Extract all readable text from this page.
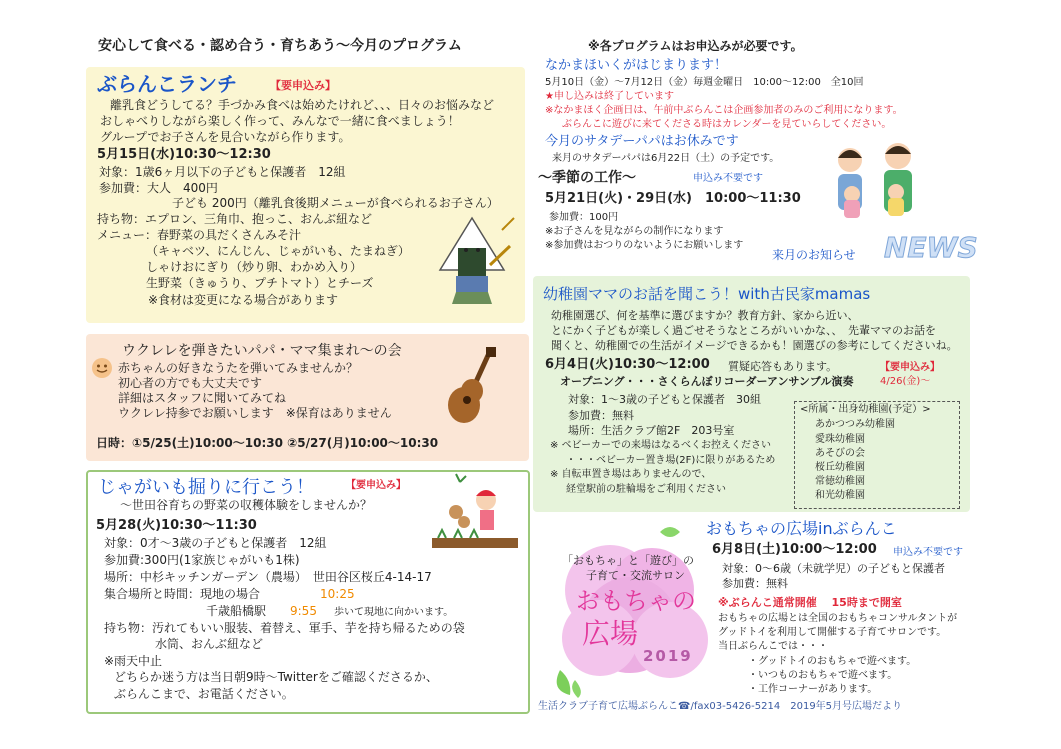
安心して食べる・認め合う・育ちあう～今月のプログラム	※各プログラムはお申込みが必要です。
ぶらんこランチ	【要申込み】
離乳食どうしてる？手づかみ食べは始めたけれど、、、日々のお悩みなど
おしゃべりしながら楽しく作って、みんなで一緒に食べましょう！
グループでお子さんを見合いながら作ります。
5月15日(水)10:30～12:30
対象：1歳6ヶ月以下の子どもと保護者　12組
参加費：大人　400円
子ども 200円（離乳食後期メニューが食べられるお子さん）
持ち物：エプロン、三角巾、抱っこ、おんぶ紐など
メニュー：春野菜の具だくさんみそ汁
（キャベツ、にんじん、じゃがいも、たまねぎ）
しゃけおにぎり（炒り卵、わかめ入り）
生野菜（きゅうり、プチトマト）とチーズ
※食材は変更になる場合があります
ウクレレを弾きたいパパ・ママ集まれ～の会
赤ちゃんの好きなうたを弾いてみませんか？
初心者の方でも大丈夫です
詳細はスタッフに聞いてみてね
ウクレレ持参でお願いします　※保育はありません
日時：①5/25(土)10:00～10:30 ②5/27(月)10:00～10:30
じゃがいも掘りに行こう！	【要申込み】
～世田谷育ちの野菜の収穫体験をしませんか？
5月28(火)10:30～11:30
対象：0才～3歳の子どもと保護者　12組
参加費:300円(1家族じゃがいも1株)
場所：中杉キッチンガーデン（農場）　世田谷区桜丘4-14-17
集合場所と時間：現地の場合	10:25
千歳船橋駅 9:55 歩いて現地に向かいます。
持ち物：汚れてもいい服装、着替え、軍手、芋を持ち帰るための袋
水筒、おんぶ紐など
※雨天中止
どちらか迷う方は当日朝9時～Twitterをご確認くださるか、
ぶらんこまで、お電話ください。
なかまほいくがはじまります！
5月10日（金）～7月12日（金）毎週金曜日　10:00～12:00　全10回
★申し込みは終了しています
※なかまほく企画日は、午前中ぶらんこは企画参加者のみのご利用になります。
ぶらんこに遊びに来てくださる時はカレンダーを見ていらしてください。
今月のサタデーパパはお休みです
来月のサタデーパパは6月22日（土）の予定です。
～季節の工作～	申込み不要です
5月21日(火)・29日(水)　10:00～11:30
参加費：100円
※お子さんを見ながらの制作になります
※参加費はおつりのないようにお願いします
来月のお知らせ NEWS
幼稚園ママのお話を聞こう！with古民家mamas
幼稚園選び、何を基準に選びますか？教育方針、家から近い、
とにかく子どもが楽しく過ごせそうなところがいいかな、、　先輩ママのお話を
聞くと、幼稚園での生活がイメージできるかも！園選びの参考にしてくださいね。
6月4日(火)10:30～12:00 質疑応答もあります。	【要申込み】
4/26(金)～
オープニング・・・さくらんぼリコーダーアンサンブル演奏
対象：1～3歳の子どもと保護者　30組
参加費：無料
場所：生活クラブ館2F　203号室
※ ベビーカーでの来場はなるべくお控えください
・・・ベビーカー置き場(2F)に限りがあるため
※ 自転車置き場はありませんので、
経堂駅前の駐輪場をご利用ください
<所属・出身幼稚園(予定）>
あかつつみ幼稚園
愛珠幼稚園
あそびの会
桜丘幼稚園
常徳幼稚園
和光幼稚園
「おもちゃ」と「遊び」の
子育て・交流サロン
おもちゃの
広場
2019
おもちゃの広場inぶらんこ
6月8日(土)10:00～12:00 申込み不要です
対象：0～6歳（未就学児）の子どもと保護者
参加費：無料
※ぶらんこ通常開催　 15時まで開室
おもちゃの広場とは全国のおもちゃコンサルタントが
グッドトイを利用して開催する子育てサロンです。
当日ぶらんこでは・・・
・グッドトイのおもちゃで遊べます。
・いつものおもちゃで遊べます。
・工作コーナーがあります。
生活クラブ子育て広場ぶらんこ☎/fax03-5426-5214　2019年5月号広場だより
